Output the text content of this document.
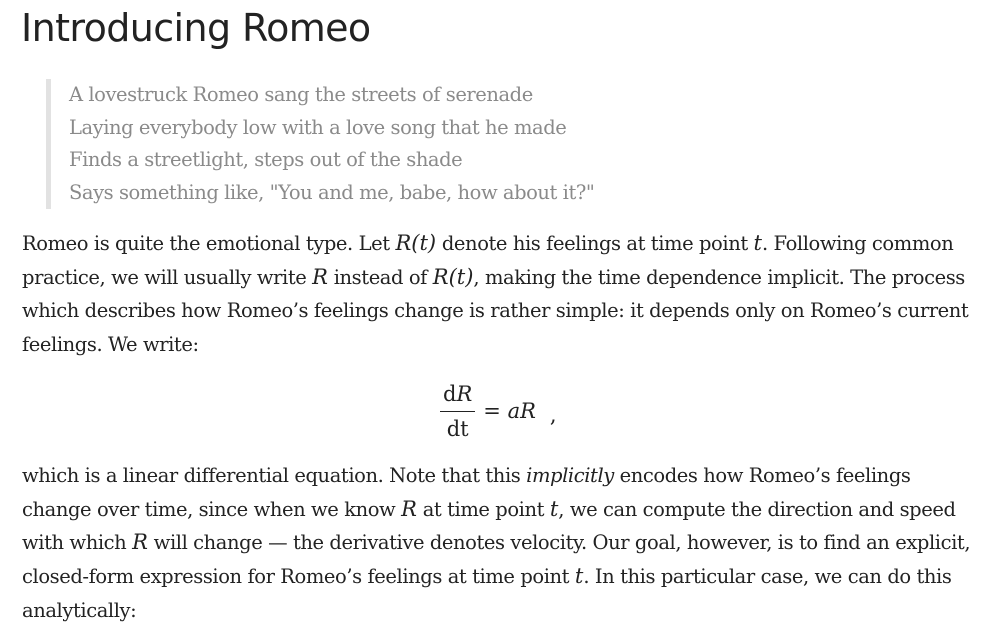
Introducing Romeo
A lovestruck Romeo sang the streets of serenade
Laying everybody low with a love song that he made
Finds a streetlight, steps out of the shade
Says something like, "You and me, babe, how about it?"

Romeo is quite the emotional type. Let R(t) denote his feelings at time point t. Following common
practice, we will usually write R instead of R(t), making the time dependence implicit. The process
which describes how Romeo’s feelings change is rather simple: it depends only on Romeo’s current
feelings. We write:

$\frac{dR}{dt}$ = aR ,

which is a linear differential equation. Note that this implicitly encodes how Romeo’s feelings
change over time, since when we know R at time point t, we can compute the direction and speed
with which R will change — the derivative denotes velocity. Our goal, however, is to find an explicit,
closed-form expression for Romeo’s feelings at time point t. In this particular case, we can do this
analytically:
